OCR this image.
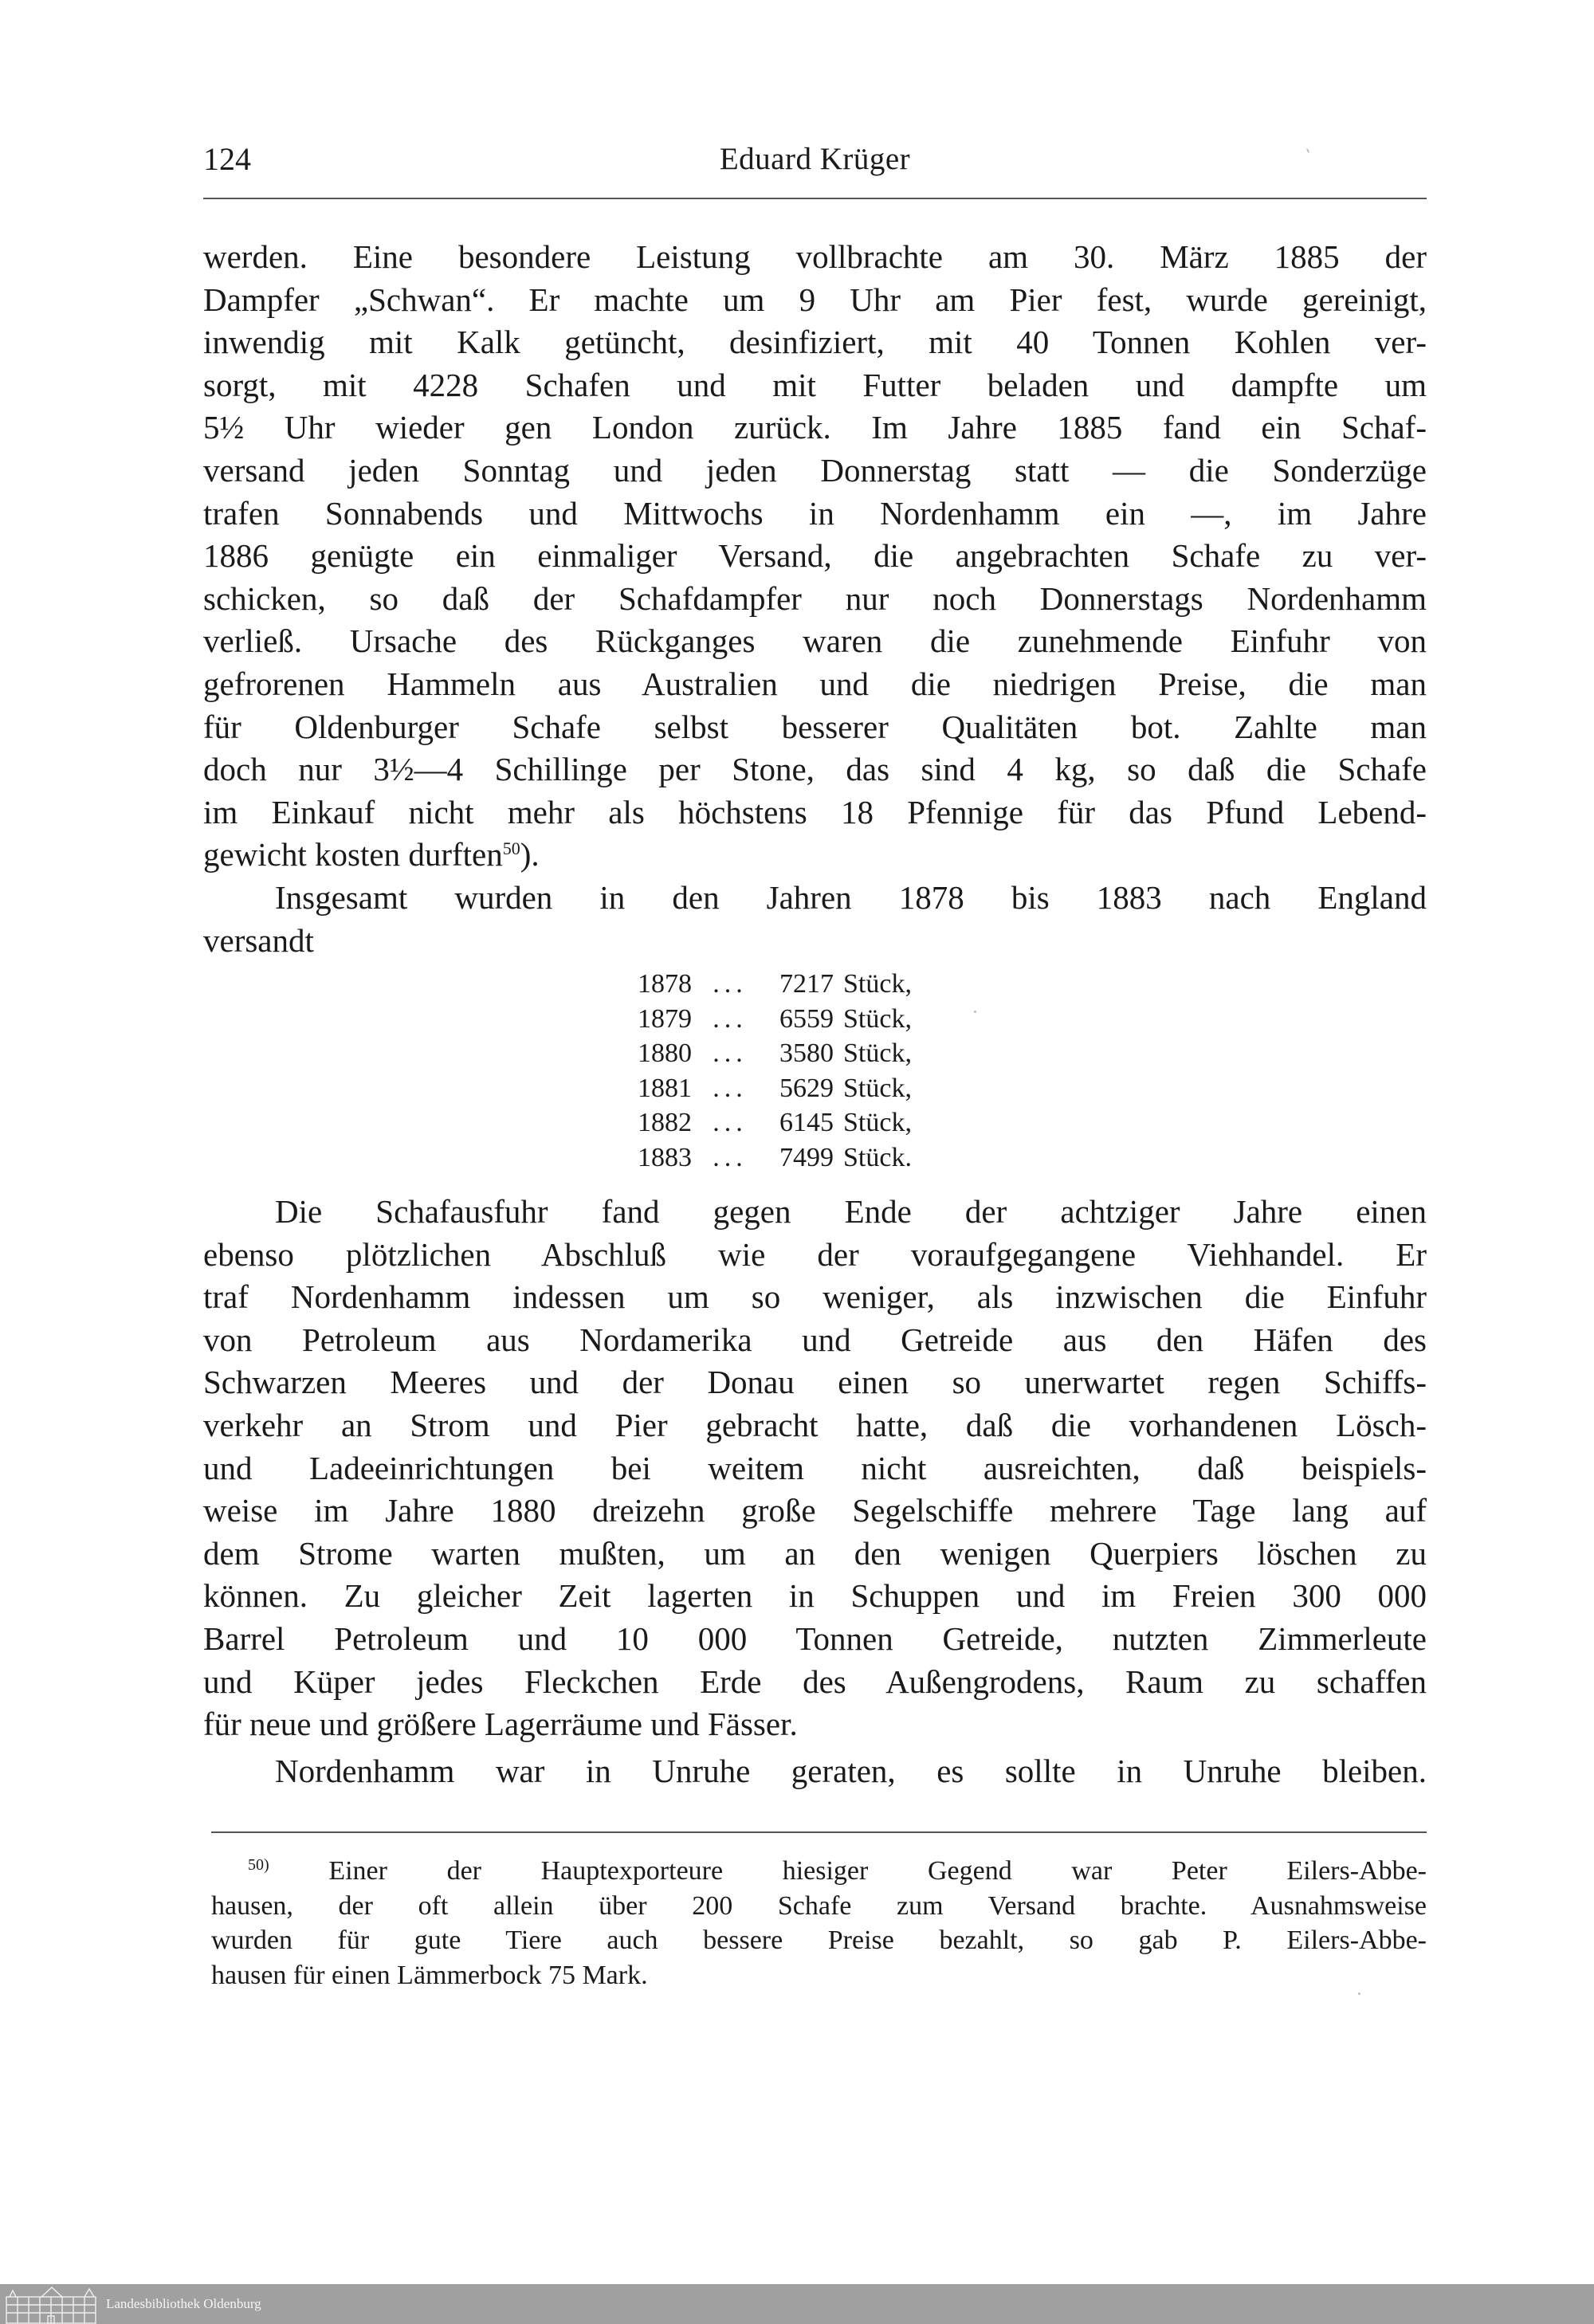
124	Eduard Krüger

werden. Eine besondere Leistung vollbrachte am 30. März 1885 der
Dampfer „Schwan“. Er machte um 9 Uhr am Pier fest, wurde gereinigt,
inwendig mit Kalk getüncht, desinfiziert, mit 40 Tonnen Kohlen ver-
sorgt, mit 4228 Schafen und mit Futter beladen und dampfte um
5½ Uhr wieder gen London zurück. Im Jahre 1885 fand ein Schaf-
versand jeden Sonntag und jeden Donnerstag statt — die Sonderzüge
trafen Sonnabends und Mittwochs in Nordenhamm ein —, im Jahre
1886 genügte ein einmaliger Versand, die angebrachten Schafe zu ver-
schicken, so daß der Schafdampfer nur noch Donnerstags Nordenhamm
verließ. Ursache des Rückganges waren die zunehmende Einfuhr von
gefrorenen Hammeln aus Australien und die niedrigen Preise, die man
für Oldenburger Schafe selbst besserer Qualitäten bot. Zahlte man
doch nur 3½—4 Schillinge per Stone, das sind 4 kg, so daß die Schafe
im Einkauf nicht mehr als höchstens 18 Pfennige für das Pfund Lebend-
gewicht kosten durften$^{50}$).

Insgesamt wurden in den Jahren 1878 bis 1883 nach England
versandt

1878 ...	7217 Stück,
1879 ...	6559 Stück,
1880 ...	3580 Stück,
1881 ...	5629 Stück,
1882 ...	6145 Stück,
1883 ...	7499 Stück.

Die Schafausfuhr fand gegen Ende der achtziger Jahre einen
ebenso plötzlichen Abschluß wie der voraufgegangene Viehhandel. Er
traf Nordenhamm indessen um so weniger, als inzwischen die Einfuhr
von Petroleum aus Nordamerika und Getreide aus den Häfen des
Schwarzen Meeres und der Donau einen so unerwartet regen Schiffs-
verkehr an Strom und Pier gebracht hatte, daß die vorhandenen Lösch-
und Ladeeinrichtungen bei weitem nicht ausreichten, daß beispiels-
weise im Jahre 1880 dreizehn große Segelschiffe mehrere Tage lang auf
dem Strome warten mußten, um an den wenigen Querpiers löschen zu
können. Zu gleicher Zeit lagerten in Schuppen und im Freien 300 000
Barrel Petroleum und 10 000 Tonnen Getreide, nutzten Zimmerleute
und Küper jedes Fleckchen Erde des Außengrodens, Raum zu schaffen
für neue und größere Lagerräume und Fässer.

Nordenhamm war in Unruhe geraten, es sollte in Unruhe bleiben.
$^{50)}$ Einer der Hauptexporteure hiesiger Gegend war Peter Eilers-Abbe-
hausen, der oft allein über 200 Schafe zum Versand brachte. Ausnahmsweise
wurden für gute Tiere auch bessere Preise bezahlt, so gab P. Eilers-Abbe-
hausen für einen Lämmerbock 75 Mark.
Landesbibliothek Oldenburg
